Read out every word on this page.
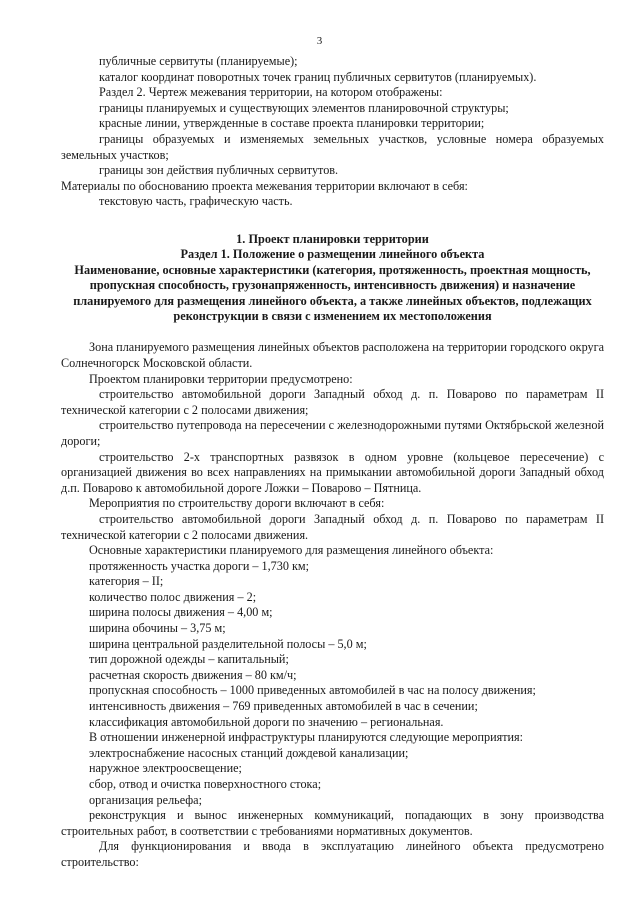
3

публичные сервитуты (планируемые);

каталог координат поворотных точек границ публичных сервитутов (планируемых).

Раздел 2. Чертеж межевания территории, на котором отображены:

границы планируемых и существующих элементов планировочной структуры;

красные линии, утвержденные в составе проекта планировки территории;

границы образуемых и изменяемых земельных участков, условные номера образуемых земельных участков;

границы зон действия публичных сервитутов.

Материалы по обоснованию проекта межевания территории включают в себя:

текстовую часть, графическую часть.

1. Проект планировки территории

Раздел 1. Положение о размещении линейного объекта

Наименование, основные характеристики (категория, протяженность, проектная мощность, пропускная способность, грузонапряженность, интенсивность движения) и назначение планируемого для размещения линейного объекта, а также линейных объектов, подлежащих реконструкции в связи с изменением их местоположения

Зона планируемого размещения линейных объектов расположена на территории городского округа Солнечногорск Московской области.

Проектом планировки территории предусмотрено:

строительство автомобильной дороги Западный обход д. п. Поварово по параметрам II технической категории с 2 полосами движения;

строительство путепровода на пересечении с железнодорожными путями Октябрьской железной дороги;

строительство 2-х транспортных развязок в одном уровне (кольцевое пересечение) с организацией движения во всех направлениях на примыкании автомобильной дороги Западный обход д.п. Поварово к автомобильной дороге Ложки – Поварово – Пятница.

Мероприятия по строительству дороги включают в себя:

строительство автомобильной дороги Западный обход д. п. Поварово по параметрам II технической категории с 2 полосами движения.

Основные характеристики планируемого для размещения линейного объекта:

протяженность участка дороги – 1,730 км;

категория – II;

количество полос движения – 2;

ширина полосы движения – 4,00 м;

ширина обочины – 3,75 м;

ширина центральной разделительной полосы – 5,0 м;

тип дорожной одежды – капитальный;

расчетная скорость движения – 80 км/ч;

пропускная способность – 1000 приведенных автомобилей в час на полосу движения;

интенсивность движения – 769 приведенных автомобилей в час в сечении;

классификация автомобильной дороги по значению – региональная.

В отношении инженерной инфраструктуры планируются следующие мероприятия:

электроснабжение насосных станций дождевой канализации;

наружное электроосвещение;

сбор, отвод и очистка поверхностного стока;

организация рельефа;

реконструкция и вынос инженерных коммуникаций, попадающих в зону производства строительных работ, в соответствии с требованиями нормативных документов.

Для функционирования и ввода в эксплуатацию линейного объекта предусмотрено строительство:
